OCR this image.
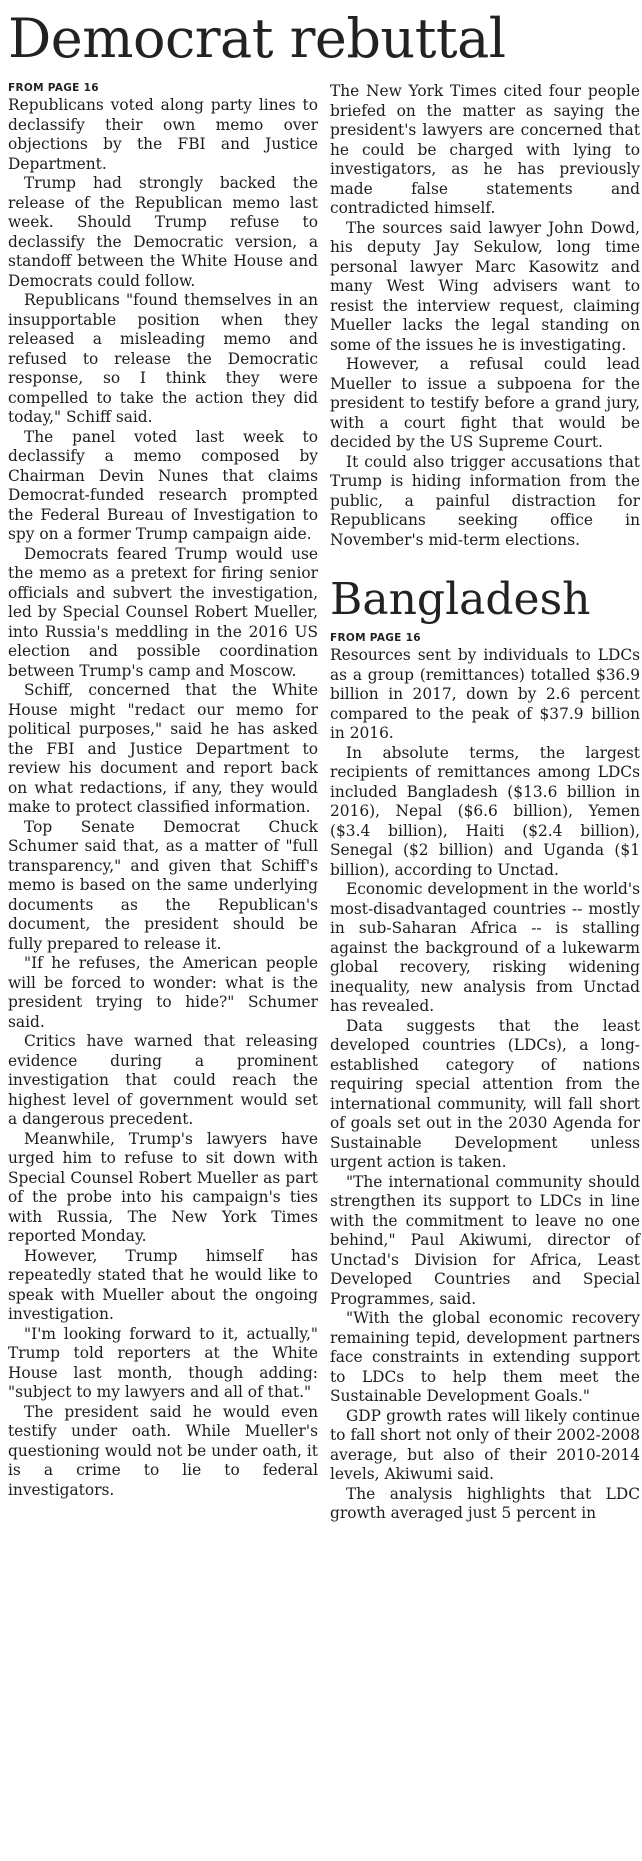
Democrat rebuttal
FROM PAGE 16

Republicans voted along party lines to declassify their own memo over objections by the FBI and Justice Department.

Trump had strongly backed the release of the Republican memo last week. Should Trump refuse to declassify the Democratic version, a standoff between the White House and Democrats could follow.

Republicans "found themselves in an insupportable position when they released a misleading memo and refused to release the Democratic response, so I think they were compelled to take the action they did today," Schiff said.

The panel voted last week to declassify a memo composed by Chairman Devin Nunes that claims Democrat-funded research prompted the Federal Bureau of Investigation to spy on a former Trump campaign aide.

Democrats feared Trump would use the memo as a pretext for firing senior officials and subvert the investigation, led by Special Counsel Robert Mueller, into Russia's meddling in the 2016 US election and possible coordination between Trump's camp and Moscow.

Schiff, concerned that the White House might "redact our memo for political purposes," said he has asked the FBI and Justice Department to review his document and report back on what redactions, if any, they would make to protect classified information.

Top Senate Democrat Chuck Schumer said that, as a matter of "full transparency," and given that Schiff's memo is based on the same underlying documents as the Republican's document, the president should be fully prepared to release it.

"If he refuses, the American people will be forced to wonder: what is the president trying to hide?" Schumer said.

Critics have warned that releasing evidence during a prominent investigation that could reach the highest level of government would set a dangerous precedent.

Meanwhile, Trump's lawyers have urged him to refuse to sit down with Special Counsel Robert Mueller as part of the probe into his campaign's ties with Russia, The New York Times reported Monday.

However, Trump himself has repeatedly stated that he would like to speak with Mueller about the ongoing investigation.

"I'm looking forward to it, actually," Trump told reporters at the White House last month, though adding: "subject to my lawyers and all of that."

The president said he would even testify under oath. While Mueller's questioning would not be under oath, it is a crime to lie to federal investigators.

The New York Times cited four people briefed on the matter as saying the president's lawyers are concerned that he could be charged with lying to investigators, as he has previously made false statements and contradicted himself.

The sources said lawyer John Dowd, his deputy Jay Sekulow, long time personal lawyer Marc Kasowitz and many West Wing advisers want to resist the interview request, claiming Mueller lacks the legal standing on some of the issues he is investigating.

However, a refusal could lead Mueller to issue a subpoena for the president to testify before a grand jury, with a court fight that would be decided by the US Supreme Court.

It could also trigger accusations that Trump is hiding information from the public, a painful distraction for Republicans seeking office in November's mid-term elections.

Bangladesh
FROM PAGE 16

Resources sent by individuals to LDCs as a group (remittances) totalled $36.9 billion in 2017, down by 2.6 percent compared to the peak of $37.9 billion in 2016.

In absolute terms, the largest recipients of remittances among LDCs included Bangladesh ($13.6 billion in 2016), Nepal ($6.6 billion), Yemen ($3.4 billion), Haiti ($2.4 billion), Senegal ($2 billion) and Uganda ($1 billion), according to Unctad.

Economic development in the world's most-disadvantaged countries -- mostly in sub-Saharan Africa -- is stalling against the background of a lukewarm global recovery, risking widening inequality, new analysis from Unctad has revealed.

Data suggests that the least developed countries (LDCs), a long-established category of nations requiring special attention from the international community, will fall short of goals set out in the 2030 Agenda for Sustainable Development unless urgent action is taken.

"The international community should strengthen its support to LDCs in line with the commitment to leave no one behind," Paul Akiwumi, director of Unctad's Division for Africa, Least Developed Countries and Special Programmes, said.

"With the global economic recovery remaining tepid, development partners face constraints in extending support to LDCs to help them meet the Sustainable Development Goals."

GDP growth rates will likely continue to fall short not only of their 2002-2008 average, but also of their 2010-2014 levels, Akiwumi said.

The analysis highlights that LDC growth averaged just 5 percent in
